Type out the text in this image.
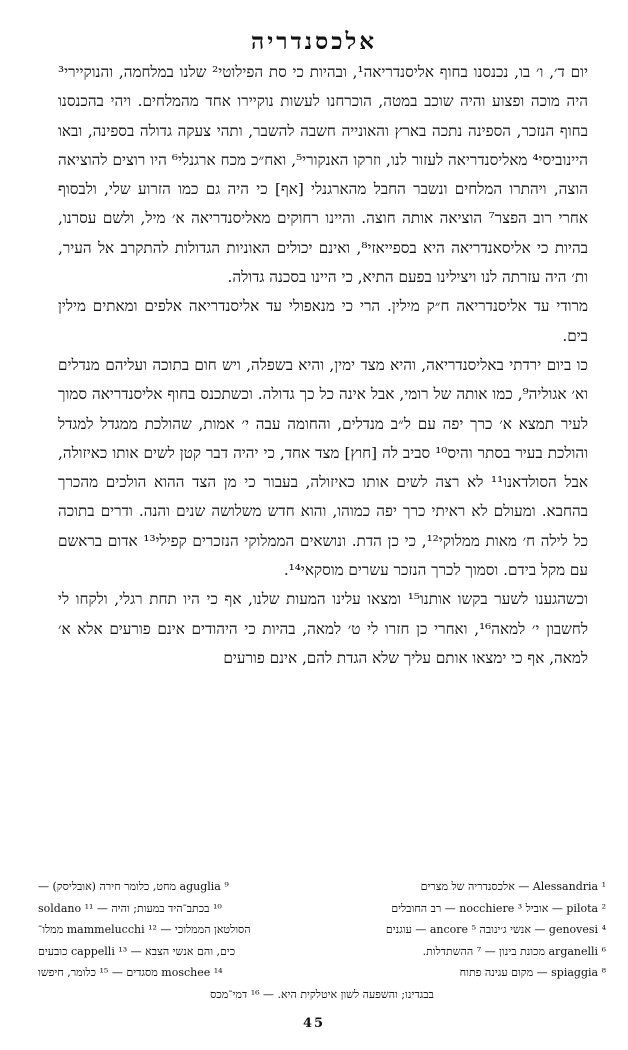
אלכסנדריה

יום ד׳, ו׳ בו, נכנסנו בחוף אליסנדריאה¹, ובהיות כי סת הפילוטי² שלנו במלחמה, והנוקיירי³ היה מוכה ופצוע והיה שוכב במטה, הוכרחנו לעשות נוקיירו אחד מהמלחים. ויהי בהכנסנו בחוף הנזכר, הספינה נתכה בארץ והאונייה חשבה להשבר, ותהי צעקה גדולה בספינה, ובאו היינוביסי⁴ מאליסנדריאה לעזור לנו, וזרקו האנקורי⁵, ואח״כ מכח ארגנלי⁶ היו רוצים להוציאה הוצה, ויהתרו המלחים ונשבר החבל מהארגנלי [אף] כי היה גם כמו הזרוע שלי, ולבסוף אחרי רוב הפצר⁷ הוציאה אותה חוצה. והיינו רחוקים מאליסנדריאה א׳ מיל, ולשם עסרנו, בהיות כי אליסאנדריאה היא בספייאזי⁸, ואינם יכולים האוניות הגדולות להתקרב אל העיר, ות׳ היה עזרתה לנו ויצילינו בפעם התיא, כי היינו בסכנה גדולה.

מרודי עד אליסנדריאה ח״ק מילין. הרי כי מנאפולי עד אליסנדריאה אלפים ומאתים מילין בים.

כו ביום ירדתי באליסנדריאה, והיא מצד ימין, והיא בשפלה, ויש חום בתוכה ועליהם מנדלים וא׳ אגוליה⁹, כמו אותה של רומי, אבל אינה כל כך גדולה. וכשתכנס בחוף אליסנדריאה סמוך לעיר תמצא א׳ כרך יפה עם ל״ב מנדלים, והחומה עבה י׳ אמות, שהולכת ממגדל למגדל והולכת בעיר בסתר והיס¹⁰ סביב לה [חוץ] מצד אחד, כי יהיה דבר קטן לשים אותו כאיזולה, אבל הסולדאנו¹¹ לא רצה לשים אותו כאיזולה, בעבור כי מן הצד ההוא הולכים מהכרך בהחבא. ומעולם לא ראיתי כרך יפה כמוהו, והוא חדש משלושה שנים והנה. ודרים בתוכה כל לילה ח׳ מאות ממלוקי¹², כי כן הדת. ונושאים הממלוקי הנזכרים קפילי¹³ אדום בראשם עם מקל בידם. וסמוך לכרך הנזכר עשרים מוסקאי¹⁴.

וכשהגענו לשער בקשו אותנו¹⁵ ומצאו עלינו המעות שלנו, אף כי היו תחת רגלי, ולקחו לי לחשבון י׳ למאה¹⁶, ואחרי כן חזרו לי ט׳ למאה, בהיות כי היהודים אינם פורעים אלא א׳ למאה, אף כי ימצאו אותם עליך שלא הגדת להם, אינם פורעים

¹ Alessandria — אלכסנדריה של מצרים
⁹ aguglia מחט, כלומר חירה (אובליסק) —
² pilota — אוביל ³ nocchiere — רב החובלים
¹⁰ בכתב־היד במעות; והיה — ¹¹ soldano
⁴ genovesi — אנשי ג׳ינובה ⁵ ancore — עוגנים
הסולטאן הממלוכי — ¹² mammelucchi ממלו־
⁶ arganelli מכונת בינון — ⁷ ההשתדלות.
כים, והם אנשי הצבא — ¹³ cappelli כובעים
⁸ spiaggia — מקום עגינה פתוח
¹⁴ moschee מסגדים — ¹⁵ כלומר, חיפשו
בבגדינו; והשפעה לשון איטלקית היא. — ¹⁶ דמי־מכס
45
